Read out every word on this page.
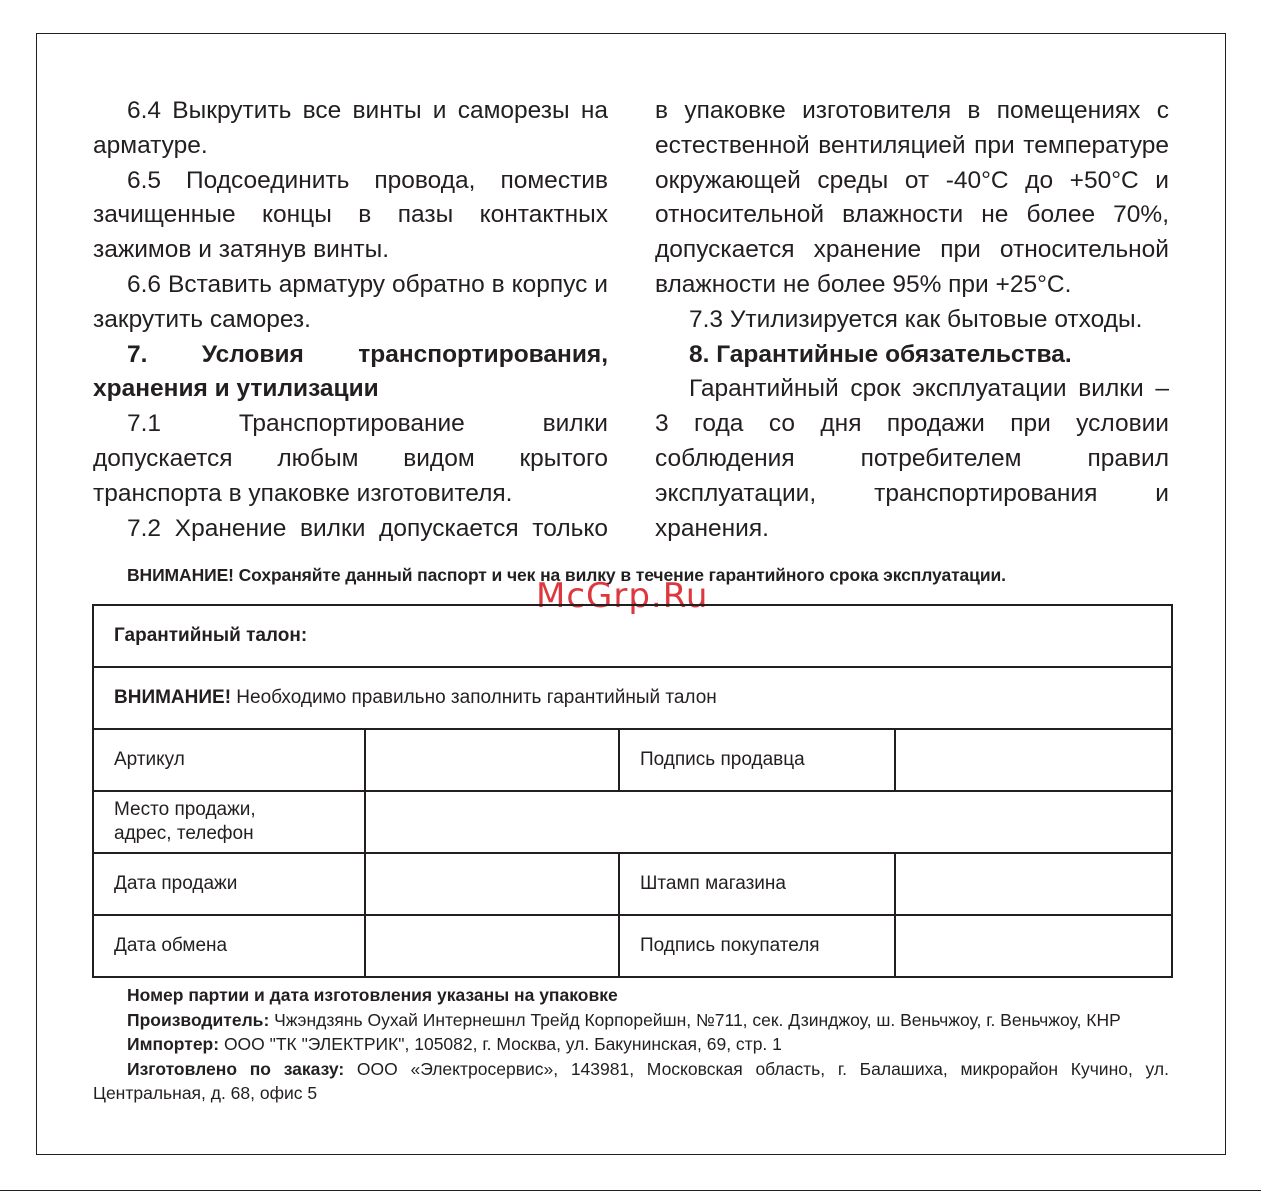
6.4 Выкрутить все винты и саморезы на арматуре.

6.5 Подсоединить провода, поместив зачищенные концы в пазы контактных зажимов и затянув винты.

6.6 Вставить арматуру обратно в корпус и закрутить саморез.

7. Условия транспортирования, хранения и утилизации

7.1 Транспортирование вилки допускается любым видом крытого транспорта в упаковке изготовителя.

7.2 Хранение вилки допускается только

в упаковке изготовителя в помещениях с естественной вентиляцией при температуре окружающей среды от -40°С до +50°С и относительной влажности не более 70%, допускается хранение при относительной влажности не более 95% при +25°С.

7.3 Утилизируется как бытовые отходы.

8. Гарантийные обязательства.

Гарантийный срок эксплуатации вилки – 3 года со дня продажи при условии соблюдения потребителем правил эксплуатации, транспортирования и хранения.

ВНИМАНИЕ! Сохраняйте данный паспорт и чек на вилку в течение гарантийного срока эксплуатации.
McGrp.Ru
Гарантийный талон:			
ВНИМАНИЕ! Необходимо правильно заполнить гарантийный талон			
Артикул		Подпись продавца	
Место продажи,
адрес, телефон			
Дата продажи		Штамп магазина	
Дата обмена		Подпись покупателя	

Номер партии и дата изготовления указаны на упаковке

Производитель: Чжэндзянь Оухай Интернешнл Трейд Корпорейшн, №711, сек. Дзинджоу, ш. Веньчжоу, г. Веньчжоу, КНР

Импортер: ООО "ТК "ЭЛЕКТРИК", 105082, г. Москва, ул. Бакунинская, 69, стр. 1

Изготовлено по заказу: ООО «Электросервис», 143981, Московская область, г. Балашиха, микрорайон Кучино, ул. Центральная, д. 68, офис 5
